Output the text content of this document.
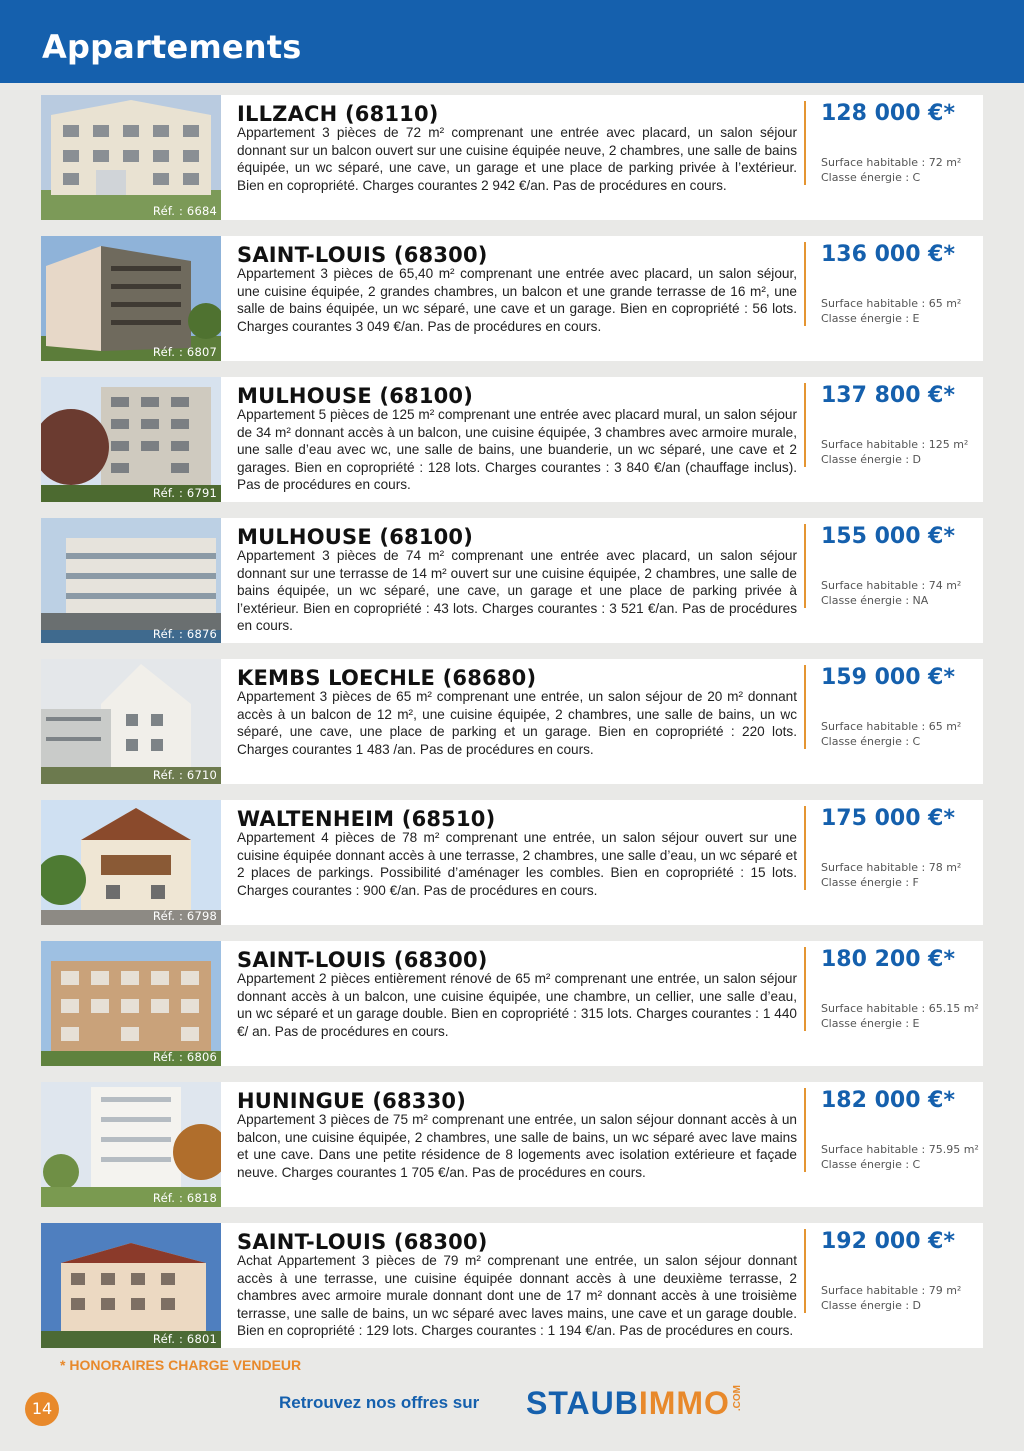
Appartements
Réf. : 6684
ILLZACH (68110)
Appartement 3 pièces de 72 m² comprenant une entrée avec placard, un salon séjour donnant sur un balcon ouvert sur une cuisine équipée neuve, 2 chambres, une salle de bains équipée, un wc séparé, une cave, un garage et une place de parking privée à l’extérieur. Bien en copropriété. Charges courantes 2 942 €/an. Pas de procédures en cours.
128 000 €*
Surface habitable : 72 m²
Classe énergie : C
Réf. : 6807
SAINT-LOUIS (68300)
Appartement 3 pièces de 65,40 m² comprenant une entrée avec placard, un salon séjour, une cuisine équipée, 2 grandes chambres, un balcon et une grande terrasse de 16 m², une salle de bains équipée, un wc séparé, une cave et un garage. Bien en copropriété : 56 lots. Charges courantes 3 049 €/an. Pas de procédures en cours.
136 000 €*
Surface habitable : 65 m²
Classe énergie : E
Réf. : 6791
MULHOUSE (68100)
Appartement 5 pièces de 125 m² comprenant une entrée avec placard mural, un salon séjour de 34 m² donnant accès à un balcon, une cuisine équipée, 3 chambres avec armoire murale, une salle d’eau avec wc, une salle de bains, une buanderie, un wc séparé, une cave et 2 garages. Bien en copropriété : 128 lots. Charges courantes : 3 840 €/an (chauffage inclus). Pas de procédures en cours.
137 800 €*
Surface habitable : 125 m²
Classe énergie : D
Réf. : 6876
MULHOUSE (68100)
Appartement 3 pièces de 74 m² comprenant une entrée avec placard, un salon séjour donnant sur une terrasse de 14 m² ouvert sur une cuisine équipée, 2 chambres, une salle de bains équipée, un wc séparé, une cave, un garage et une place de parking privée à l’extérieur. Bien en copropriété : 43 lots. Charges courantes : 3 521 €/an. Pas de procédures en cours.
155 000 €*
Surface habitable : 74 m²
Classe énergie : NA
Réf. : 6710
KEMBS LOECHLE (68680)
Appartement 3 pièces de 65 m² comprenant une entrée, un salon séjour de 20 m² donnant accès à un balcon de 12 m², une cuisine équipée, 2 chambres, une salle de bains, un wc séparé, une cave, une place de parking et un garage. Bien en copropriété : 220 lots. Charges courantes 1 483 /an. Pas de procédures en cours.
159 000 €*
Surface habitable : 65 m²
Classe énergie : C
Réf. : 6798
WALTENHEIM (68510)
Appartement 4 pièces de 78 m² comprenant une entrée, un salon séjour ouvert sur une cuisine équipée donnant accès à une terrasse, 2 chambres, une salle d’eau, un wc séparé et 2 places de parkings. Possibilité d’aménager les combles. Bien en copropriété : 15 lots. Charges courantes : 900 €/an. Pas de procédures en cours.
175 000 €*
Surface habitable : 78 m²
Classe énergie : F
Réf. : 6806
SAINT-LOUIS (68300)
Appartement 2 pièces entièrement rénové de 65 m² comprenant une entrée, un salon séjour donnant accès à un balcon, une cuisine équipée, une chambre, un cellier, une salle d’eau, un wc séparé et un garage double. Bien en copropriété : 315 lots. Charges courantes : 1 440 €/ an. Pas de procédures en cours.
180 200 €*
Surface habitable : 65.15 m²
Classe énergie : E
Réf. : 6818
HUNINGUE (68330)
Appartement 3 pièces de 75 m² comprenant une entrée, un salon séjour donnant accès à un balcon, une cuisine équipée, 2 chambres, une salle de bains, un wc séparé avec lave mains et une cave. Dans une petite résidence de 8 logements avec isolation extérieure et façade neuve. Charges courantes 1 705 €/an. Pas de procédures en cours.
182 000 €*
Surface habitable : 75.95 m²
Classe énergie : C
Réf. : 6801
SAINT-LOUIS (68300)
Achat Appartement 3 pièces de 79 m² comprenant une entrée, un salon séjour donnant accès à une terrasse, une cuisine équipée donnant accès à une deuxième terrasse, 2 chambres avec armoire murale donnant dont une de 17 m² donnant accès à une troisième terrasse, une salle de bains, un wc séparé avec laves mains, une cave et un garage double. Bien en copropriété : 129 lots. Charges courantes : 1 194 €/an. Pas de procédures en cours.
192 000 €*
Surface habitable : 79 m²
Classe énergie : D
* HONORAIRES CHARGE VENDEUR
14	Retrouvez nos offres sur STAUBIMMO .COM
